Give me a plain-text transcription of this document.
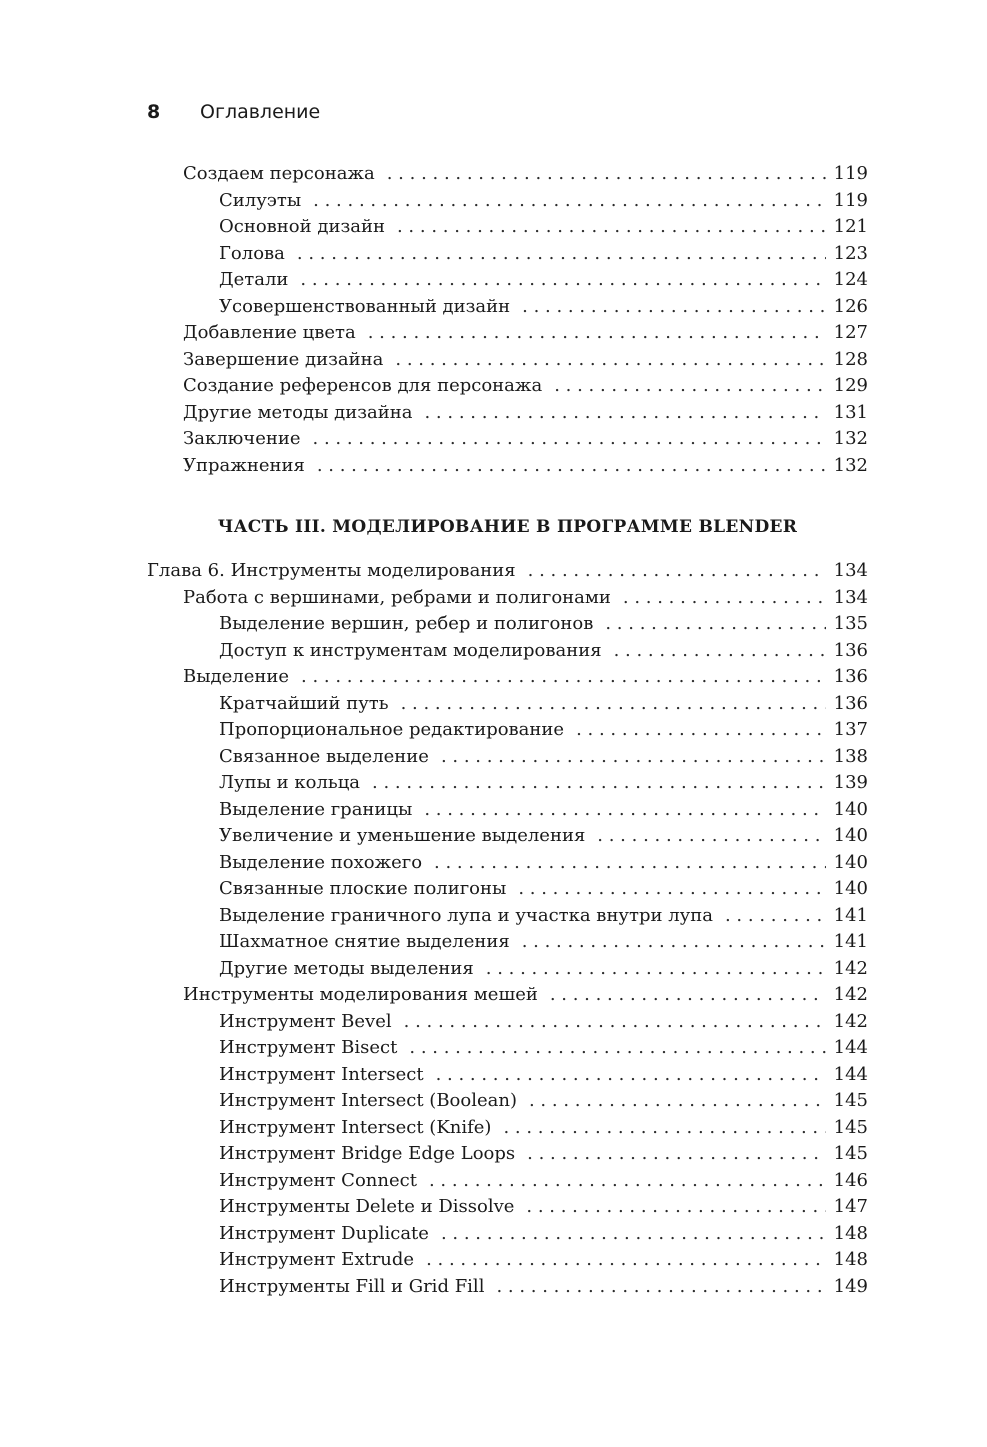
8 Оглавление
Создаем персонажа . . .	119
Силуэты . . .	119
Основной дизайн . . .	121
Голова . . .	123
Детали . . .	124
Усовершенствованный дизайн . . .	126
Добавление цвета . . .	127
Завершение дизайна . . .	128
Создание референсов для персонажа . . .	129
Другие методы дизайна . . .	131
Заключение . . .	132
Упражнения . . .	132
ЧАСТЬ III. МОДЕЛИРОВАНИЕ В ПРОГРАММЕ BLENDER
Глава 6. Инструменты моделирования . . .	134
Работа с вершинами, ребрами и полигонами . . .	134
Выделение вершин, ребер и полигонов . . .	135
Доступ к инструментам моделирования . . .	136
Выделение . . .	136
Кратчайший путь . . .	136
Пропорциональное редактирование . . .	137
Связанное выделение . . .	138
Лупы и кольца . . .	139
Выделение границы . . .	140
Увеличение и уменьшение выделения . . .	140
Выделение похожего . . .	140
Связанные плоские полигоны . . .	140
Выделение граничного лупа и участка внутри лупа . . .	141
Шахматное снятие выделения . . .	141
Другие методы выделения . . .	142
Инструменты моделирования мешей . . .	142
Инструмент Bevel . . .	142
Инструмент Bisect . . .	144
Инструмент Intersect . . .	144
Инструмент Intersect (Boolean) . . .	145
Инструмент Intersect (Knife) . . .	145
Инструмент Bridge Edge Loops . . .	145
Инструмент Connect . . .	146
Инструменты Delete и Dissolve . . .	147
Инструмент Duplicate . . .	148
Инструмент Extrude . . .	148
Инструменты Fill и Grid Fill . . .	149
